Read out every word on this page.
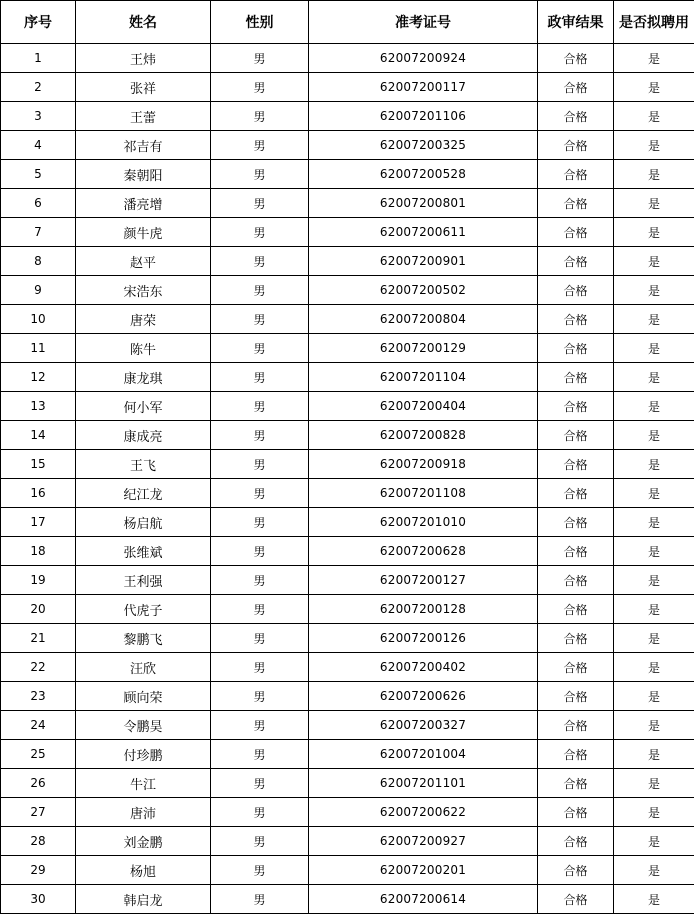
序号	姓名	性别	准考证号	政审结果	是否拟聘用
1	王炜	男	62007200924	合格	是
2	张祥	男	62007200117	合格	是
3	王蕾	男	62007201106	合格	是
4	祁吉有	男	62007200325	合格	是
5	秦朝阳	男	62007200528	合格	是
6	潘亮增	男	62007200801	合格	是
7	颜牛虎	男	62007200611	合格	是
8	赵平	男	62007200901	合格	是
9	宋浩东	男	62007200502	合格	是
10	唐荣	男	62007200804	合格	是
11	陈牛	男	62007200129	合格	是
12	康龙琪	男	62007201104	合格	是
13	何小军	男	62007200404	合格	是
14	康成亮	男	62007200828	合格	是
15	王飞	男	62007200918	合格	是
16	纪江龙	男	62007201108	合格	是
17	杨启航	男	62007201010	合格	是
18	张维斌	男	62007200628	合格	是
19	王利强	男	62007200127	合格	是
20	代虎子	男	62007200128	合格	是
21	黎鹏飞	男	62007200126	合格	是
22	汪欣	男	62007200402	合格	是
23	顾向荣	男	62007200626	合格	是
24	令鹏昊	男	62007200327	合格	是
25	付珍鹏	男	62007201004	合格	是
26	牛江	男	62007201101	合格	是
27	唐沛	男	62007200622	合格	是
28	刘金鹏	男	62007200927	合格	是
29	杨旭	男	62007200201	合格	是
30	韩启龙	男	62007200614	合格	是
